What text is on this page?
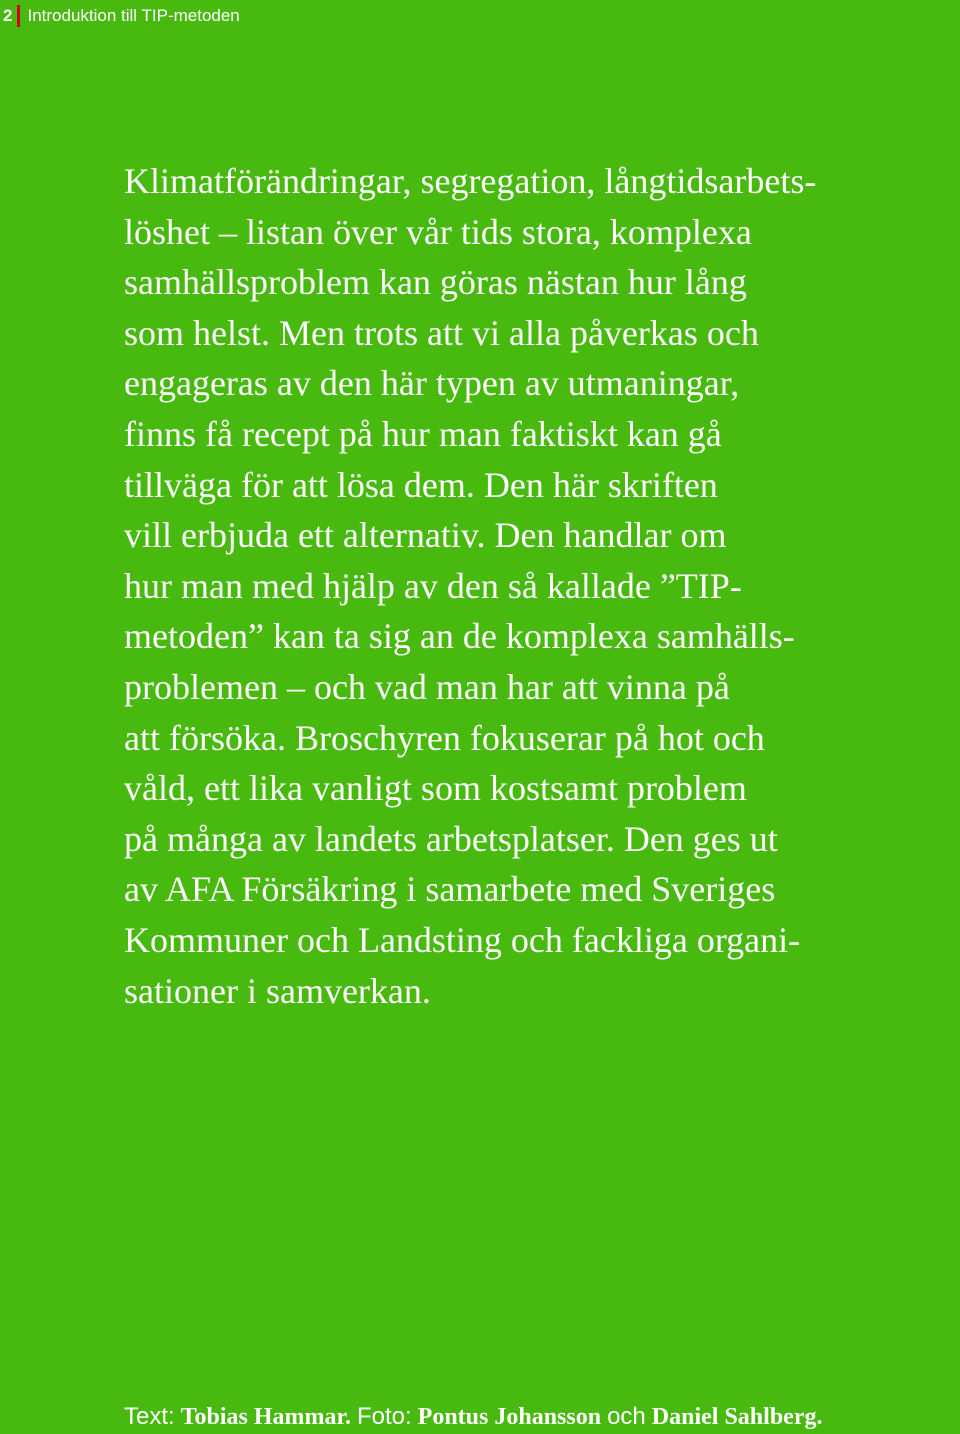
2 Introduktion till TIP-metoden
Klimatförändringar, segregation, långtidsarbets-
löshet – listan över vår tids stora, komplexa
samhällsproblem kan göras nästan hur lång
som helst. Men trots att vi alla påverkas och
engageras av den här typen av utmaningar,
finns få recept på hur man faktiskt kan gå
tillväga för att lösa dem. Den här skriften
vill erbjuda ett alternativ. Den handlar om
hur man med hjälp av den så kallade ”TIP-
metoden” kan ta sig an de komplexa samhälls-
problemen – och vad man har att vinna på
att försöka. Broschyren fokuserar på hot och
våld, ett lika vanligt som kostsamt problem
på många av landets arbetsplatser. Den ges ut
av AFA Försäkring i samarbete med Sveriges
Kommuner och Landsting och fackliga organi-
sationer i samverkan.
Text: Tobias Hammar. Foto: Pontus Johansson och Daniel Sahlberg.
